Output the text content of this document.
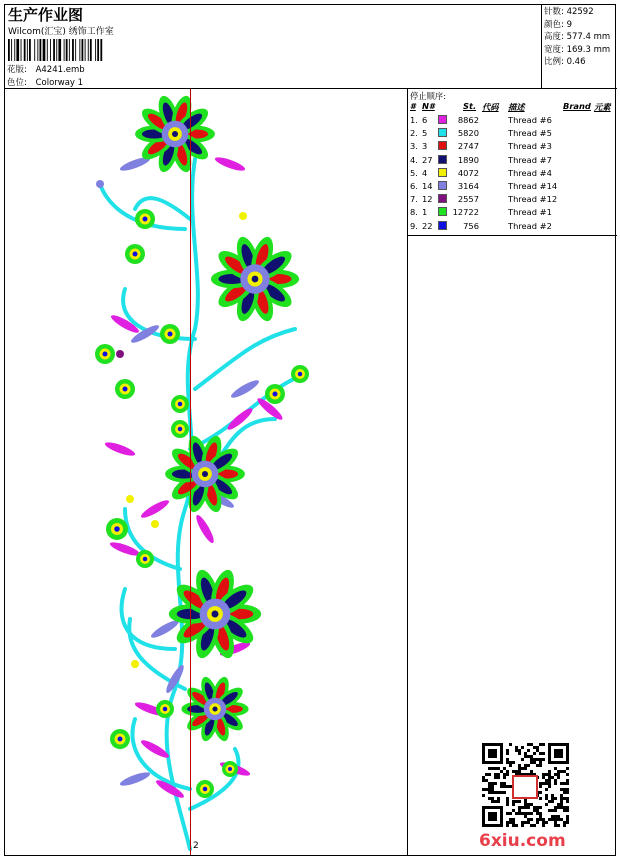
生产作业图
Wilcom(汇宝) 绣饰工作室
花版: A4241.emb
色位: Colorway 1
针数: 42592
颜色: 9
高度: 577.4 mm
宽度: 169.3 mm
比例: 0.46
2
停止顺序:
# N#	St. 代码 描述	Brand 元素
1. 6	8862	Thread #6
2. 5	5820	Thread #5
3. 3	2747	Thread #3
4. 27	1890	Thread #7
5. 4	4072	Thread #4
6. 14	3164	Thread #14
7. 12	2557	Thread #12
8. 1	12722	Thread #1
9. 22	756	Thread #2
6xiu.com
